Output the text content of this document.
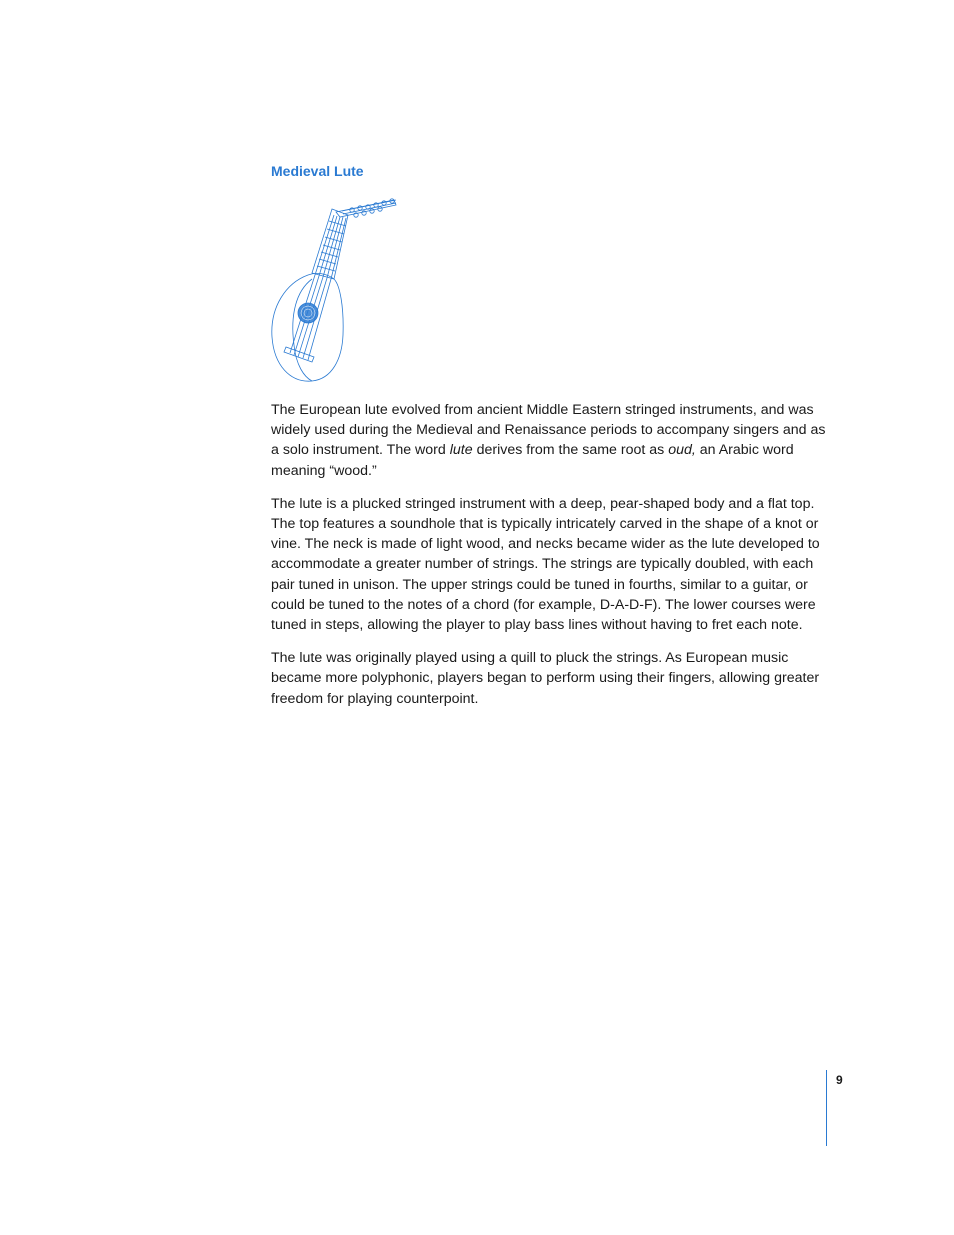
Medieval Lute

The European lute evolved from ancient Middle Eastern stringed instruments, and was widely used during the Medieval and Renaissance periods to accompany singers and as a solo instrument. The word lute derives from the same root as oud, an Arabic word meaning “wood.”

The lute is a plucked stringed instrument with a deep, pear-shaped body and a flat top. The top features a soundhole that is typically intricately carved in the shape of a knot or vine. The neck is made of light wood, and necks became wider as the lute developed to accommodate a greater number of strings. The strings are typically doubled, with each pair tuned in unison. The upper strings could be tuned in fourths, similar to a guitar, or could be tuned to the notes of a chord (for example, D-A-D-F). The lower courses were tuned in steps, allowing the player to play bass lines without having to fret each note.

The lute was originally played using a quill to pluck the strings. As European music became more polyphonic, players began to perform using their fingers, allowing greater freedom for playing counterpoint.

9
